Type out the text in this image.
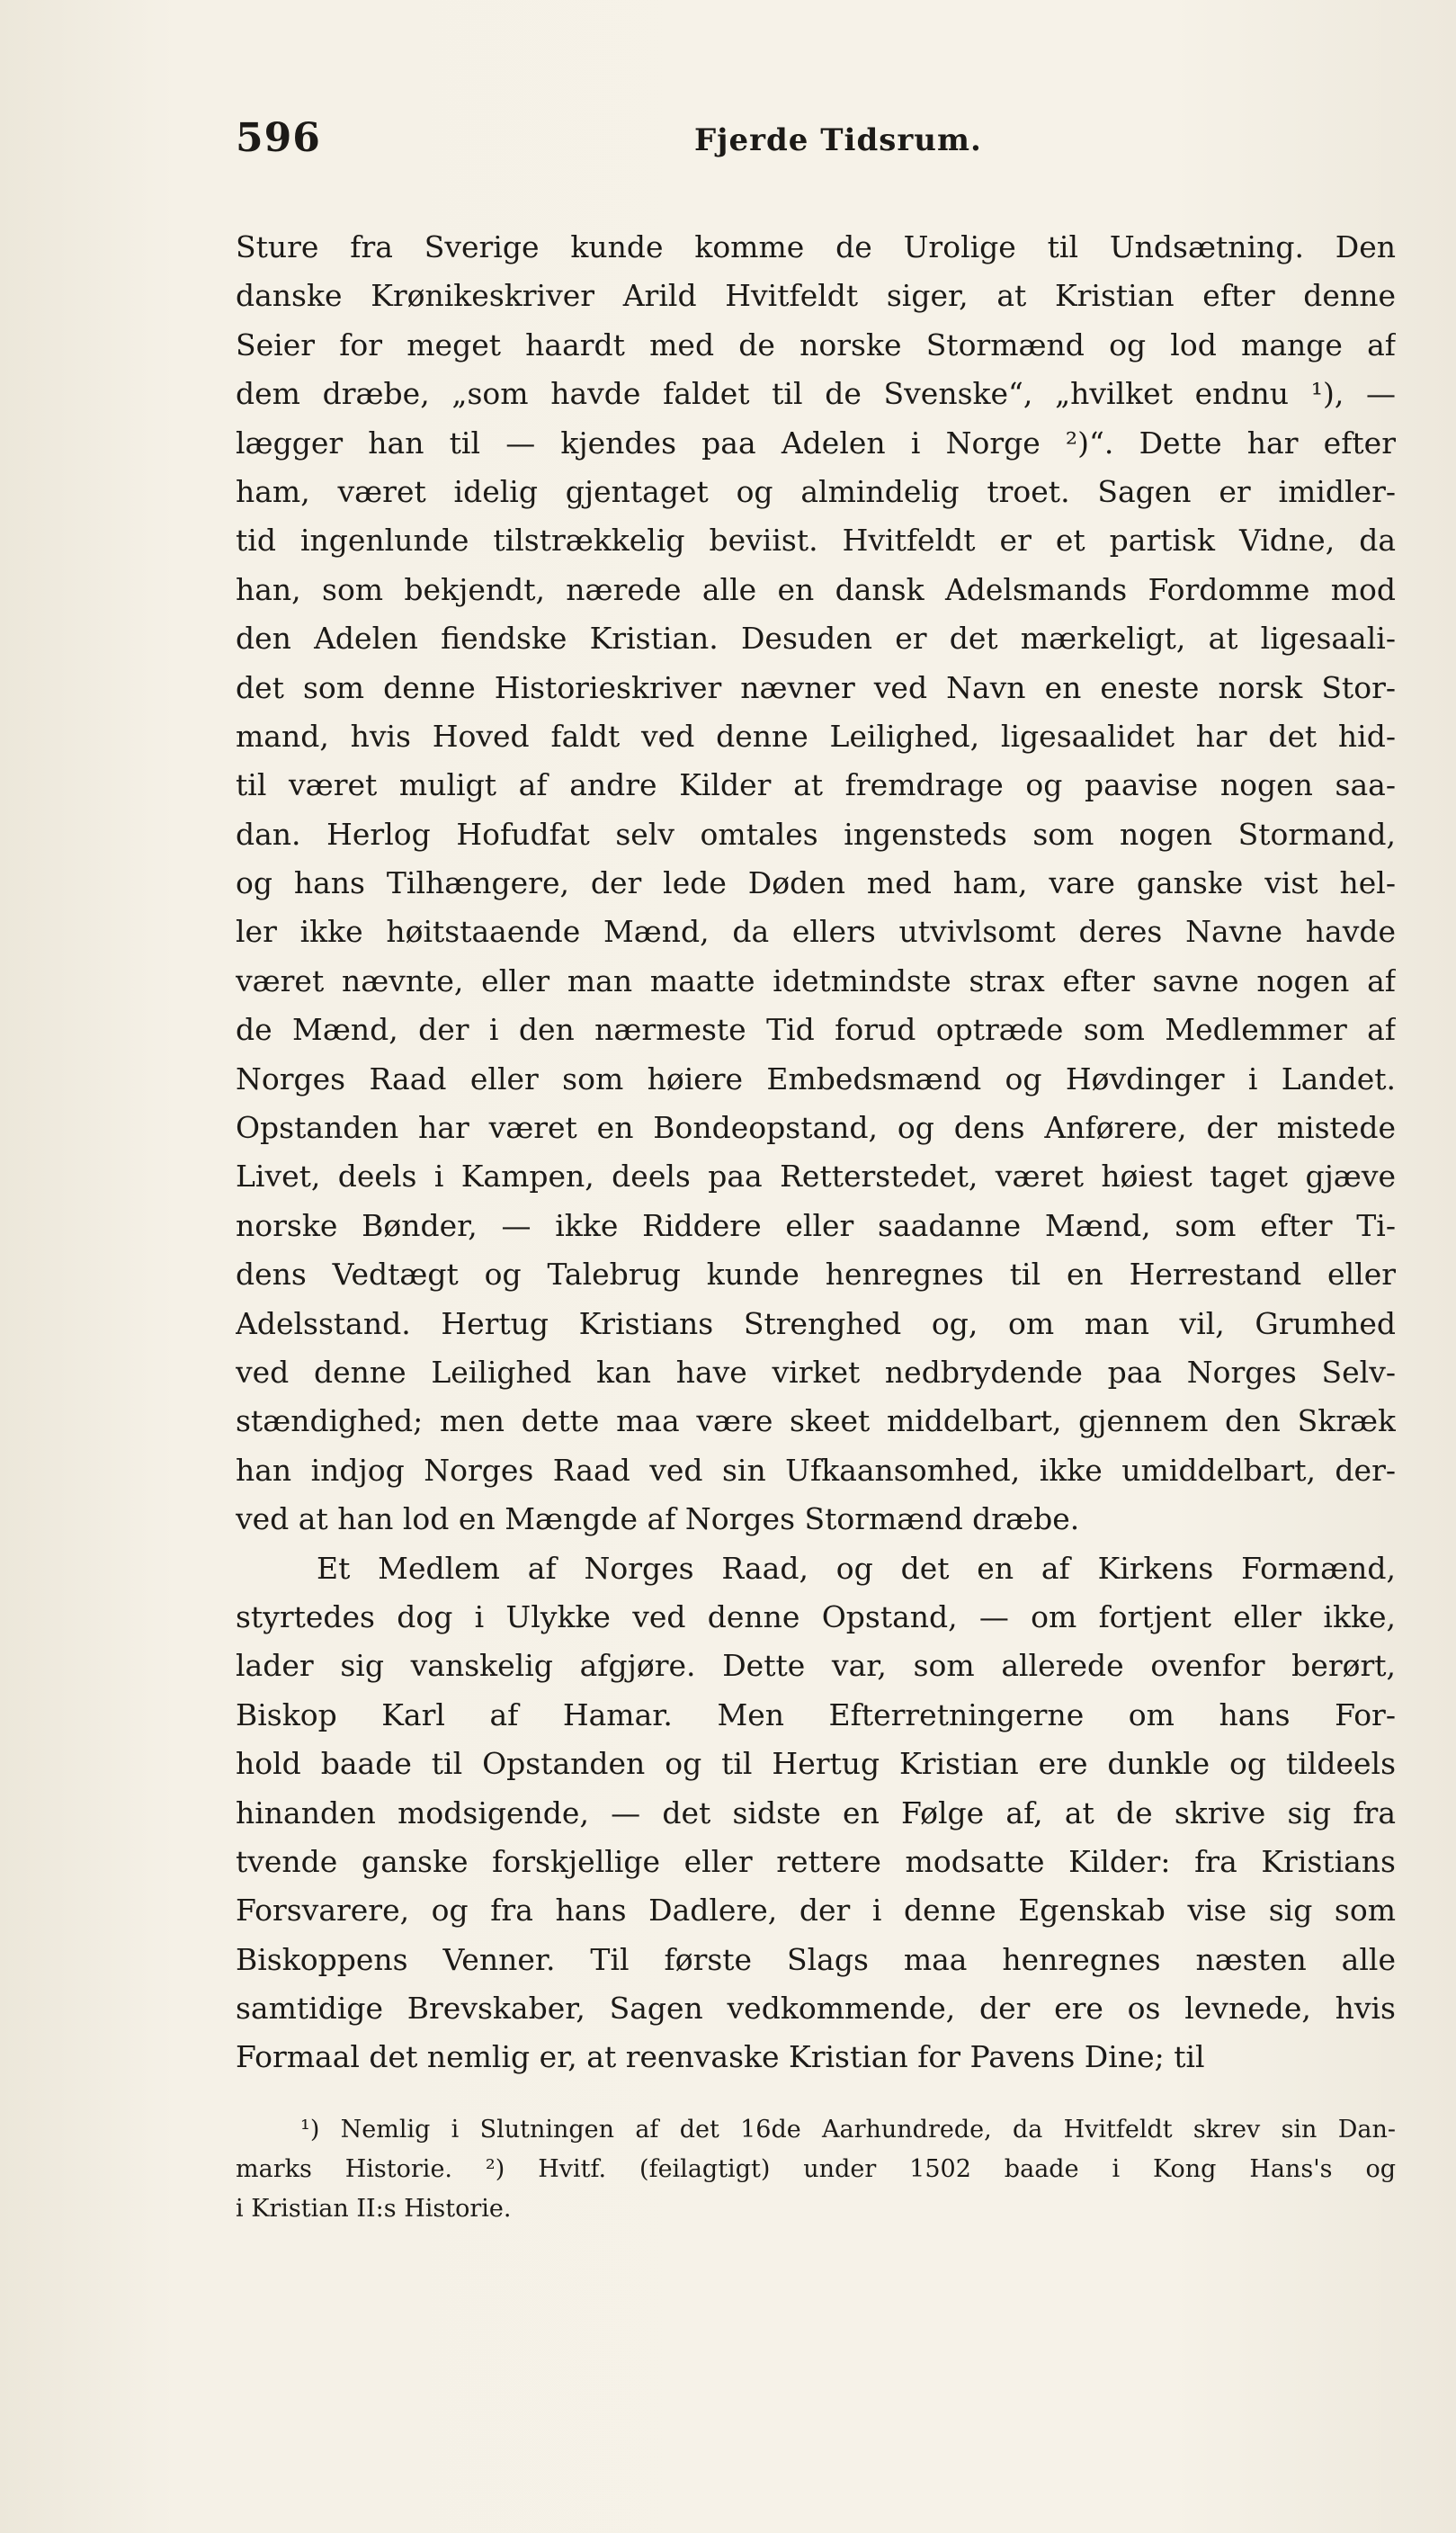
596	Fjerde Tidsrum.
Sture fra Sverige kunde komme de Urolige til Undsætning. Den
danske Krønikeskriver Arild Hvitfeldt siger, at Kristian efter denne
Seier for meget haardt med de norske Stormænd og lod mange af
dem dræbe, „som havde faldet til de Svenske“, „hvilket endnu ¹), —
lægger han til — kjendes paa Adelen i Norge ²)“. Dette har efter
ham, været idelig gjentaget og almindelig troet. Sagen er imidler-
tid ingenlunde tilstrækkelig beviist. Hvitfeldt er et partisk Vidne, da
han, som bekjendt, nærede alle en dansk Adelsmands Fordomme mod
den Adelen fiendske Kristian. Desuden er det mærkeligt, at ligesaali-
det som denne Historieskriver nævner ved Navn en eneste norsk Stor-
mand, hvis Hoved faldt ved denne Leilighed, ligesaalidet har det hid-
til været muligt af andre Kilder at fremdrage og paavise nogen saa-
dan. Herlog Hofudfat selv omtales ingensteds som nogen Stormand,
og hans Tilhængere, der lede Døden med ham, vare ganske vist hel-
ler ikke høitstaaende Mænd, da ellers utvivlsomt deres Navne havde
været nævnte, eller man maatte idetmindste strax efter savne nogen af
de Mænd, der i den nærmeste Tid forud optræde som Medlemmer af
Norges Raad eller som høiere Embedsmænd og Høvdinger i Landet.
Opstanden har været en Bondeopstand, og dens Anførere, der mistede
Livet, deels i Kampen, deels paa Retterstedet, været høiest taget gjæve
norske Bønder, — ikke Riddere eller saadanne Mænd, som efter Ti-
dens Vedtægt og Talebrug kunde henregnes til en Herrestand eller
Adelsstand. Hertug Kristians Strenghed og, om man vil, Grumhed
ved denne Leilighed kan have virket nedbrydende paa Norges Selv-
stændighed; men dette maa være skeet middelbart, gjennem den Skræk
han indjog Norges Raad ved sin Ufkaansomhed, ikke umiddelbart, der-
ved at han lod en Mængde af Norges Stormænd dræbe.
Et Medlem af Norges Raad, og det en af Kirkens Formænd,
styrtedes dog i Ulykke ved denne Opstand, — om fortjent eller ikke,
lader sig vanskelig afgjøre. Dette var, som allerede ovenfor berørt,
Biskop Karl af Hamar. Men Efterretningerne om hans For-
hold baade til Opstanden og til Hertug Kristian ere dunkle og tildeels
hinanden modsigende, — det sidste en Følge af, at de skrive sig fra
tvende ganske forskjellige eller rettere modsatte Kilder: fra Kristians
Forsvarere, og fra hans Dadlere, der i denne Egenskab vise sig som
Biskoppens Venner. Til første Slags maa henregnes næsten alle
samtidige Brevskaber, Sagen vedkommende, der ere os levnede, hvis
Formaal det nemlig er, at reenvaske Kristian for Pavens Dine; til
¹) Nemlig i Slutningen af det 16de Aarhundrede, da Hvitfeldt skrev sin Dan-
marks Historie. ²) Hvitf. (feilagtigt) under 1502 baade i Kong Hans's og
i Kristian II:s Historie.
